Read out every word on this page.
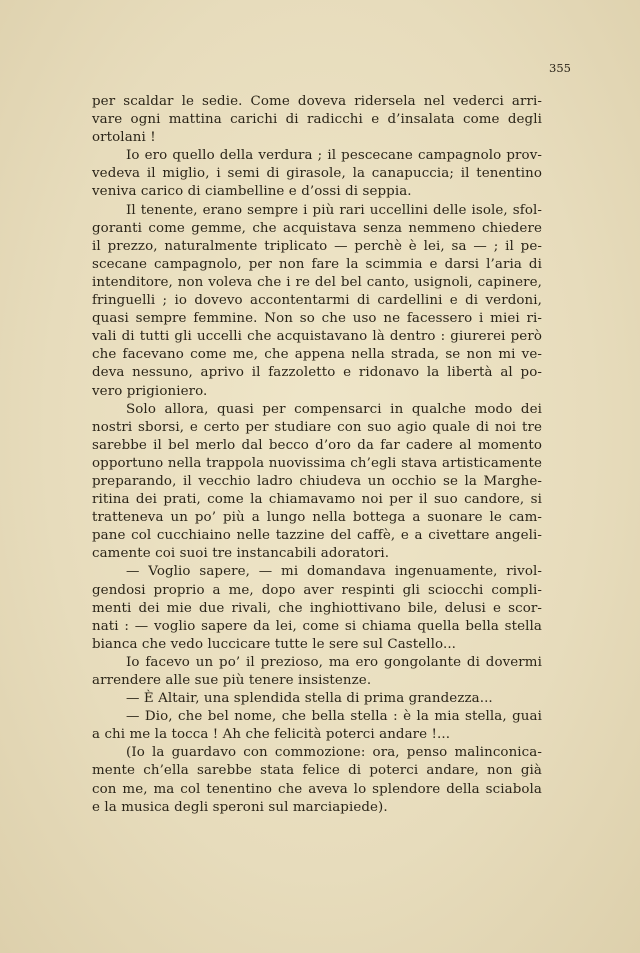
355
per scaldar le sedie. Come doveva ridersela nel vederci arri-
vare ogni mattina carichi di radicchi e d’insalata come degli
ortolani !
Io ero quello della verdura ; il pescecane campagnolo prov-
vedeva il miglio, i semi di girasole, la canapuccia; il tenentino
veniva carico di ciambelline e d’ossi di seppia.
Il tenente, erano sempre i più rari uccellini delle isole, sfol-
goranti come gemme, che acquistava senza nemmeno chiedere
il prezzo, naturalmente triplicato — perchè è lei, sa — ; il pe-
scecane campagnolo, per non fare la scimmia e darsi l’aria di
intenditore, non voleva che i re del bel canto, usignoli, capinere,
fringuelli ; io dovevo accontentarmi di cardellini e di verdoni,
quasi sempre femmine. Non so che uso ne facessero i miei ri-
vali di tutti gli uccelli che acquistavano là dentro : giurerei però
che facevano come me, che appena nella strada, se non mi ve-
deva nessuno, aprivo il fazzoletto e ridonavo la libertà al po-
vero prigioniero.
Solo allora, quasi per compensarci in qualche modo dei
nostri sborsi, e certo per studiare con suo agio quale di noi tre
sarebbe il bel merlo dal becco d’oro da far cadere al momento
opportuno nella trappola nuovissima ch’egli stava artisticamente
preparando, il vecchio ladro chiudeva un occhio se la Marghe-
ritina dei prati, come la chiamavamo noi per il suo candore, si
tratteneva un po’ più a lungo nella bottega a suonare le cam-
pane col cucchiaino nelle tazzine del caffè, e a civettare angeli-
camente coi suoi tre instancabili adoratori.
— Voglio sapere, — mi domandava ingenuamente, rivol-
gendosi proprio a me, dopo aver respinti gli sciocchi compli-
menti dei mie due rivali, che inghiottivano bile, delusi e scor-
nati : — voglio sapere da lei, come si chiama quella bella stella
bianca che vedo luccicare tutte le sere sul Castello...
Io facevo un po’ il prezioso, ma ero gongolante di dovermi
arrendere alle sue più tenere insistenze.
— È Altair, una splendida stella di prima grandezza...
— Dio, che bel nome, che bella stella : è la mia stella, guai
a chi me la tocca ! Ah che felicità poterci andare !...
(Io la guardavo con commozione: ora, penso malinconica-
mente ch’ella sarebbe stata felice di poterci andare, non già
con me, ma col tenentino che aveva lo splendore della sciabola
e la musica degli speroni sul marciapiede).
